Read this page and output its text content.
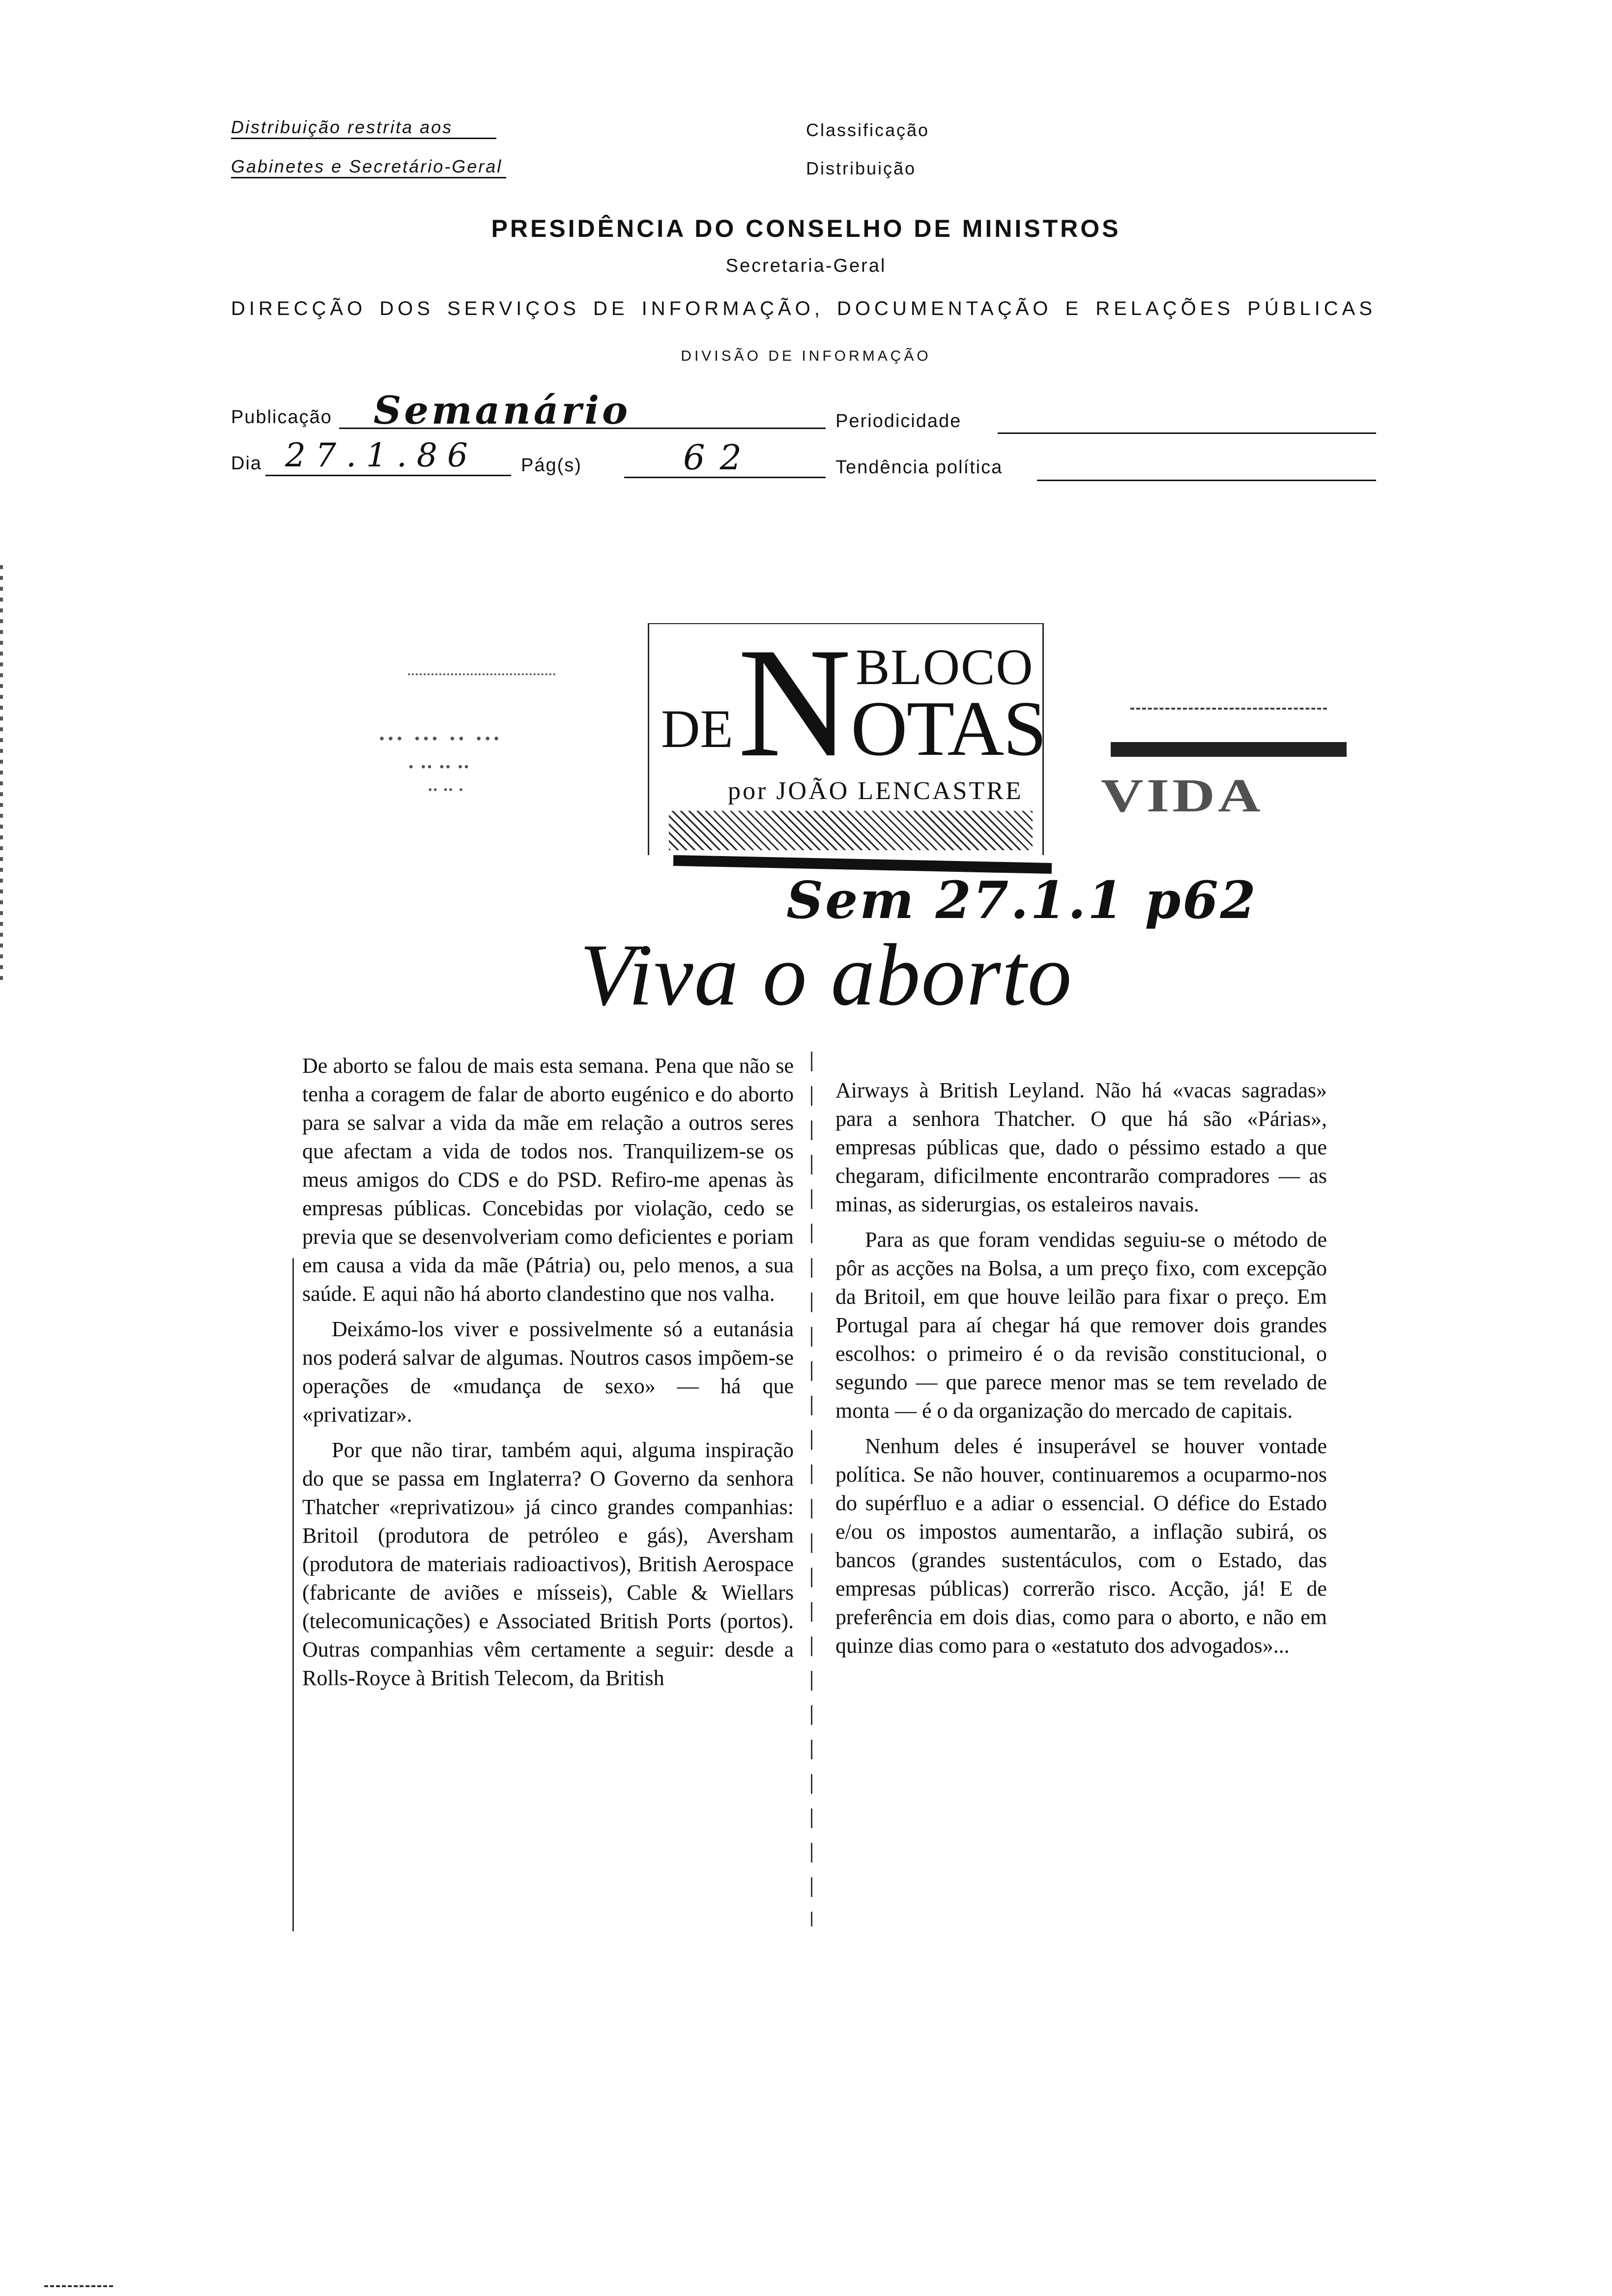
Distribuição restrita aos
Gabinetes e Secretário-Geral
Classificação
Distribuição
PRESIDÊNCIA DO CONSELHO DE MINISTROS
Secretaria-Geral
DIRECÇÃO DOS SERVIÇOS DE INFORMAÇÃO, DOCUMENTAÇÃO E RELAÇÕES PÚBLICAS
DIVISÃO DE INFORMAÇÃO
Publicação Semanário	Periodicidade
Dia 27.1.86 Pág(s)	62	Tendência política
DE N BLOCO
OTAS
por JOÃO LENCASTRE
··· ··· ·· ···
· ·· ·· ··
·· ·· ·	VIDA
Sem 27.1.1 p62
Viva o aborto

De aborto se falou de mais esta semana. Pena que não se tenha a coragem de falar de aborto eugénico e do aborto para se salvar a vida da mãe em relação a outros seres que afectam a vida de todos nos. Tranquilizem-se os meus amigos do CDS e do PSD. Refiro-me apenas às empresas públicas. Concebidas por violação, cedo se previa que se desenvolveriam como deficientes e poriam em causa a vida da mãe (Pátria) ou, pelo menos, a sua saúde. E aqui não há aborto clandestino que nos valha.

Deixámo-los viver e possivelmente só a eutanásia nos poderá salvar de algumas. Noutros casos impõem-se operações de «mudança de sexo» — há que «privatizar».

Por que não tirar, também aqui, alguma inspiração do que se passa em Inglaterra? O Governo da senhora Thatcher «reprivatizou» já cinco grandes companhias: Britoil (produtora de petróleo e gás), Aversham (produtora de materiais radioactivos), British Aerospace (fabricante de aviões e mísseis), Cable & Wiellars (telecomunicações) e Associated British Ports (portos). Outras companhias vêm certamente a seguir: desde a Rolls-Royce à British Telecom, da British

Airways à British Leyland. Não há «vacas sagradas» para a senhora Thatcher. O que há são «Párias», empresas públicas que, dado o péssimo estado a que chegaram, dificilmente encontrarão compradores — as minas, as siderurgias, os estaleiros navais.

Para as que foram vendidas seguiu-se o método de pôr as acções na Bolsa, a um preço fixo, com excepção da Britoil, em que houve leilão para fixar o preço. Em Portugal para aí chegar há que remover dois grandes escolhos: o primeiro é o da revisão constitucional, o segundo — que parece menor mas se tem revelado de monta — é o da organização do mercado de capitais.

Nenhum deles é insuperável se houver vontade política. Se não houver, continuaremos a ocuparmo-nos do supérfluo e a adiar o essencial. O défice do Estado e/ou os impostos aumentarão, a inflação subirá, os bancos (grandes sustentáculos, com o Estado, das empresas públicas) correrão risco. Acção, já! E de preferência em dois dias, como para o aborto, e não em quinze dias como para o «estatuto dos advogados»...
